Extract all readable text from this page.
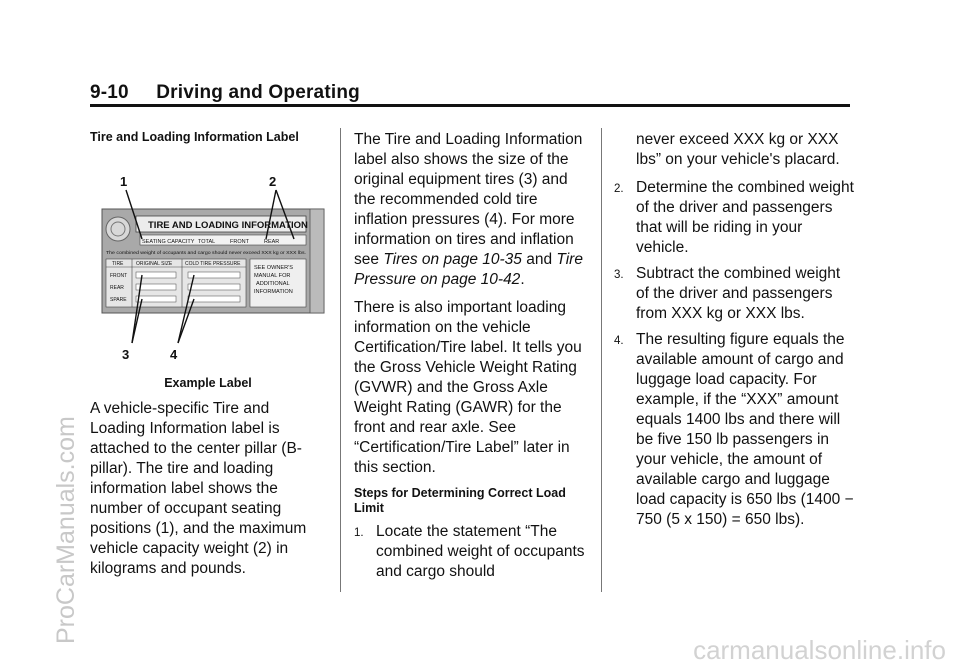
9-10     Driving and Operating
Tire and Loading Information Label
1	2
TIRE AND LOADING INFORMATION
SEATING CAPACITY TOTAL	FRONT	REAR
The combined weight of occupants and cargo should never exceed XXX kg or XXX lbs.
TIRE	ORIGINAL SIZE	COLD TIRE PRESSURE
FRONT
REAR
SPARE
SEE OWNER'S
MANUAL FOR
ADDITIONAL
INFORMATION
3	4
Example Label

A vehicle-specific Tire and Loading Information label is attached to the center pillar (B-pillar). The tire and loading information label shows the number of occupant seating positions (1), and the maximum vehicle capacity weight (2) in kilograms and pounds.

The Tire and Loading Information label also shows the size of the original equipment tires (3) and the recommended cold tire inflation pressures (4). For more information on tires and inflation see Tires on page 10-35 and Tire Pressure on page 10-42.

There is also important loading information on the vehicle Certification/Tire label. It tells you the Gross Vehicle Weight Rating (GVWR) and the Gross Axle Weight Rating (GAWR) for the front and rear axle. See “Certification/Tire Label” later in this section.

Steps for Determining Correct Load Limit
1. Locate the statement “The combined weight of occupants and cargo should

never exceed XXX kg or XXX lbs” on your vehicle's placard.

2. Determine the combined weight of the driver and passengers that will be riding in your vehicle.
3. Subtract the combined weight of the driver and passengers from XXX kg or XXX lbs.
4. The resulting figure equals the available amount of cargo and luggage load capacity. For example, if the “XXX” amount equals 1400 lbs and there will be five 150 lb passengers in your vehicle, the amount of available cargo and luggage load capacity is 650 lbs (1400 − 750 (5 x 150) = 650 lbs).
ProCarManuals.com
carmanualsonline.info
